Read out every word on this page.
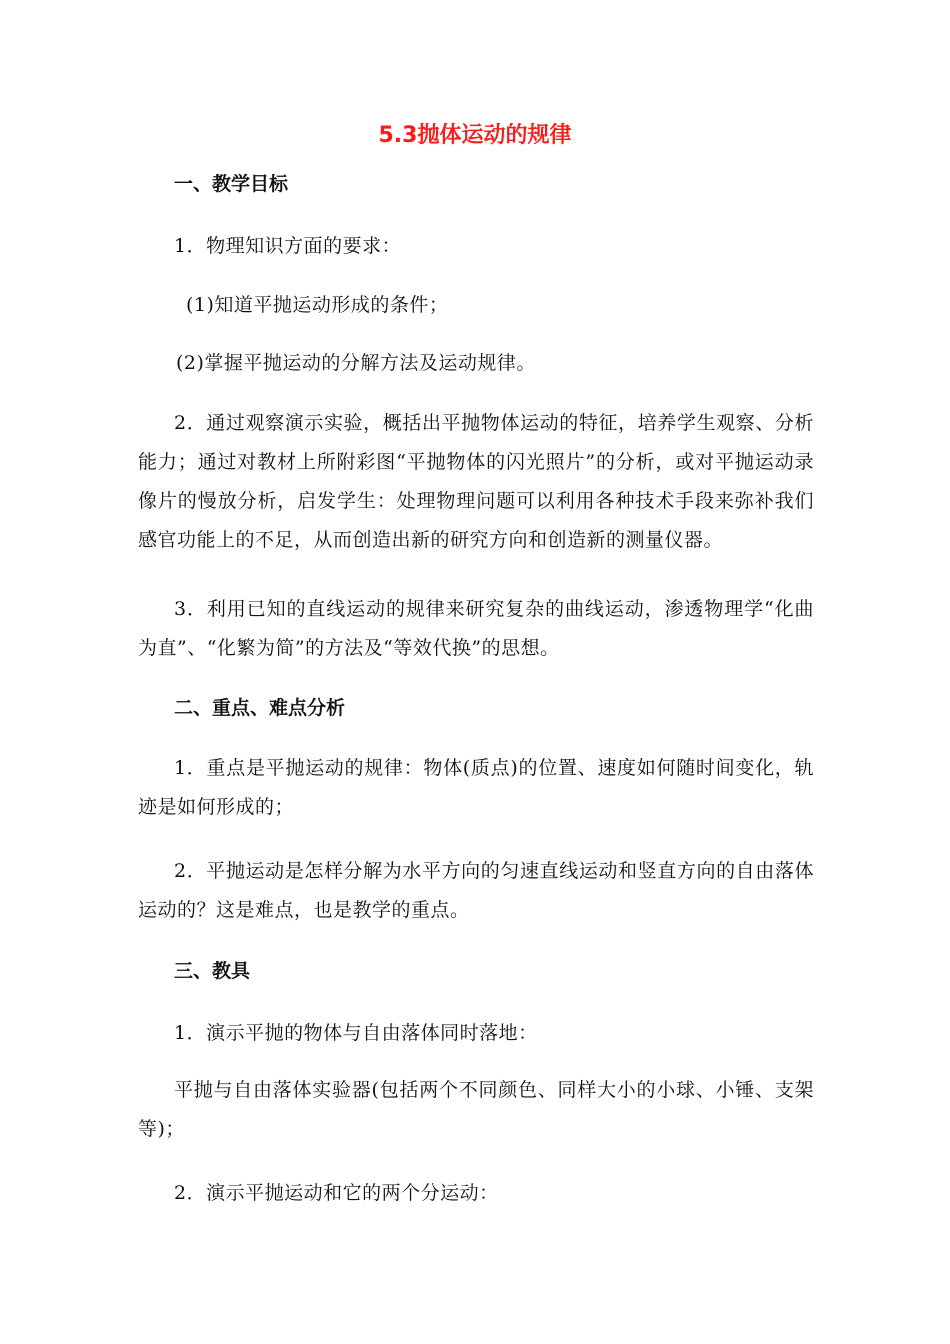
5.3抛体运动的规律
一、教学目标
1．物理知识方面的要求：
(1)知道平抛运动形成的条件；
(2)掌握平抛运动的分解方法及运动规律。
2．通过观察演示实验，概括出平抛物体运动的特征，培养学生观察、分析能力；通过对教材上所附彩图“平抛物体的闪光照片”的分析，或对平抛运动录像片的慢放分析，启发学生：处理物理问题可以利用各种技术手段来弥补我们感官功能上的不足，从而创造出新的研究方向和创造新的测量仪器。
3．利用已知的直线运动的规律来研究复杂的曲线运动，渗透物理学“化曲为直”、“化繁为简”的方法及“等效代换”的思想。
二、重点、难点分析
1．重点是平抛运动的规律：物体(质点)的位置、速度如何随时间变化，轨迹是如何形成的；
2．平抛运动是怎样分解为水平方向的匀速直线运动和竖直方向的自由落体运动的？这是难点，也是教学的重点。
三、教具
1．演示平抛的物体与自由落体同时落地：
平抛与自由落体实验器(包括两个不同颜色、同样大小的小球、小锤、支架等)；
2．演示平抛运动和它的两个分运动：
